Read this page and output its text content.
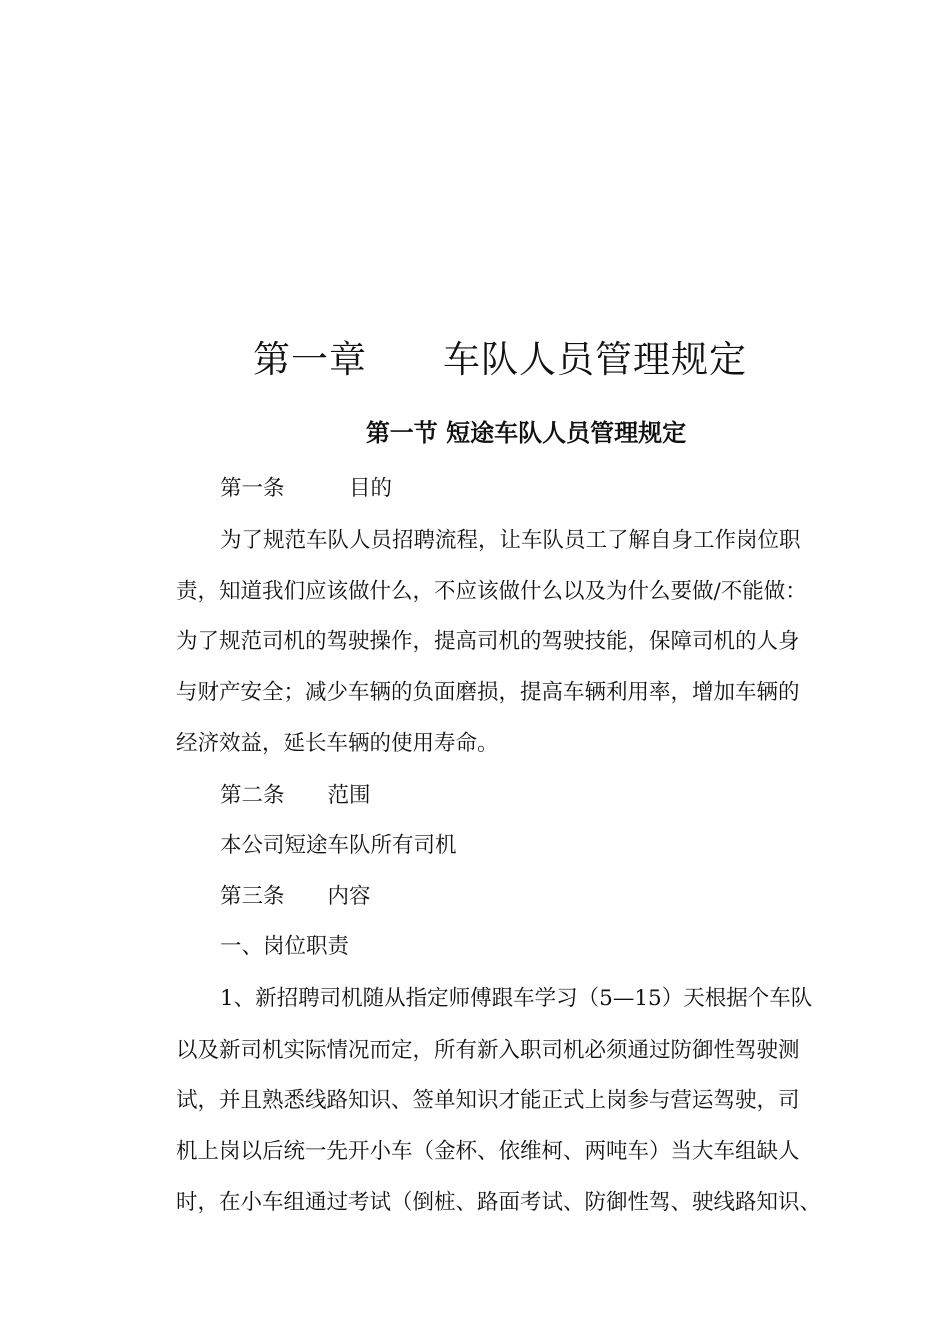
第一章　　车队人员管理规定
第一节 短途车队人员管理规定
第一条　　　目的
为了规范车队人员招聘流程，让车队员工了解自身工作岗位职
责，知道我们应该做什么，不应该做什么以及为什么要做/不能做：
为了规范司机的驾驶操作，提高司机的驾驶技能，保障司机的人身
与财产安全；减少车辆的负面磨损，提高车辆利用率，增加车辆的
经济效益，延长车辆的使用寿命。
第二条　　范围
本公司短途车队所有司机
第三条　　内容
一、岗位职责
1、新招聘司机随从指定师傅跟车学习（5—15）天根据个车队
以及新司机实际情况而定，所有新入职司机必须通过防御性驾驶测
试，并且熟悉线路知识、签单知识才能正式上岗参与营运驾驶，司
机上岗以后统一先开小车（金杯、依维柯、两吨车）当大车组缺人
时，在小车组通过考试（倒桩、路面考试、防御性驾、驶线路知识、
